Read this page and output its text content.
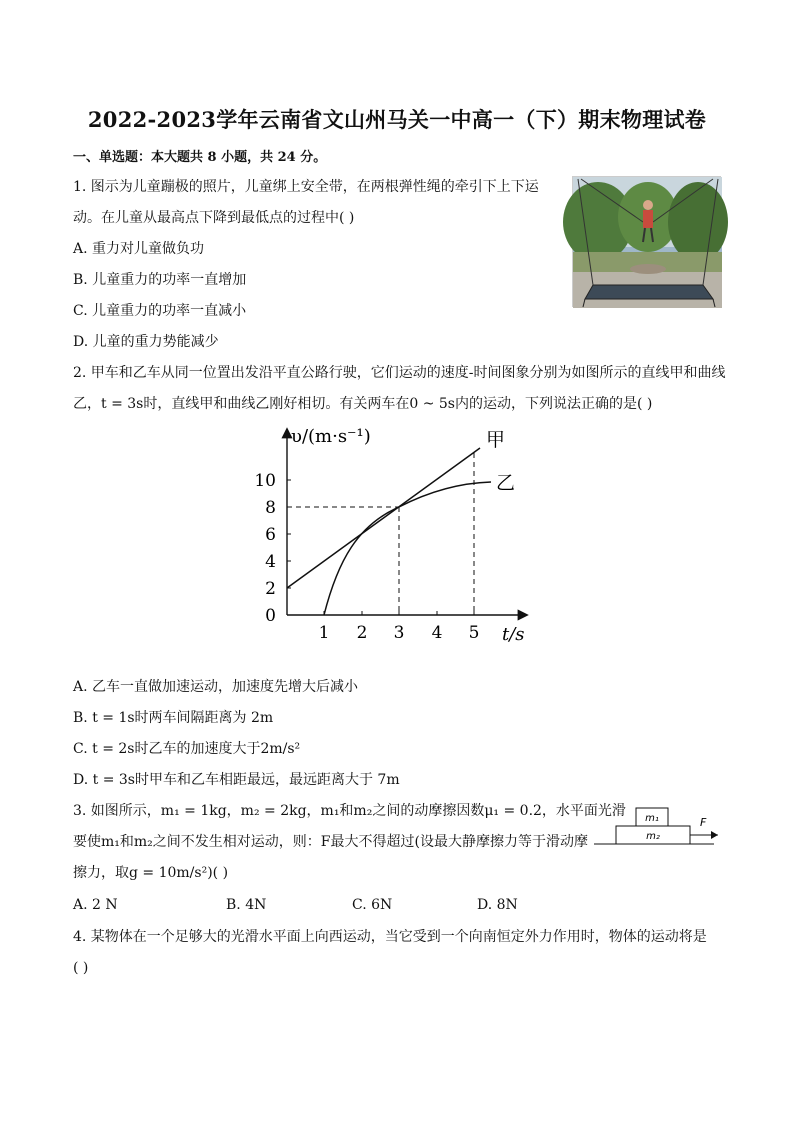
2022-2023学年云南省文山州马关一中高一（下）期末物理试卷
一、单选题：本大题共 8 小题，共 24 分。
1. 图示为儿童蹦极的照片，儿童绑上安全带，在两根弹性绳的牵引下上下运
动。在儿童从最高点下降到最低点的过程中( )
A. 重力对儿童做负功
B. 儿童重力的功率一直增加
C. 儿童重力的功率一直减小
D. 儿童的重力势能减少
2. 甲车和乙车从同一位置出发沿平直公路行驶，它们运动的速度-时间图象分别为如图所示的直线甲和曲线
乙，t = 3s时，直线甲和曲线乙刚好相切。有关两车在0 ~ 5s内的运动，下列说法正确的是( )
υ/(m·s⁻¹)
t/s
甲
乙
0
2
4
6
8
10
1 2 3 4 5
A. 乙车一直做加速运动，加速度先增大后减小
B. t = 1s时两车间隔距离为 2m
C. t = 2s时乙车的加速度大于2m/s²
D. t = 3s时甲车和乙车相距最远，最远距离大于 7m
3. 如图所示，m₁ = 1kg，m₂ = 2kg，m₁和m₂之间的动摩擦因数μ₁ = 0.2，水平面光滑
要使m₁和m₂之间不发生相对运动，则：F最大不得超过(设最大静摩擦力等于滑动摩
擦力，取g = 10m/s²)( )
m₁
m₂
F
A. 2 N	B. 4N	C. 6N	D. 8N
4. 某物体在一个足够大的光滑水平面上向西运动，当它受到一个向南恒定外力作用时，物体的运动将是
( )
